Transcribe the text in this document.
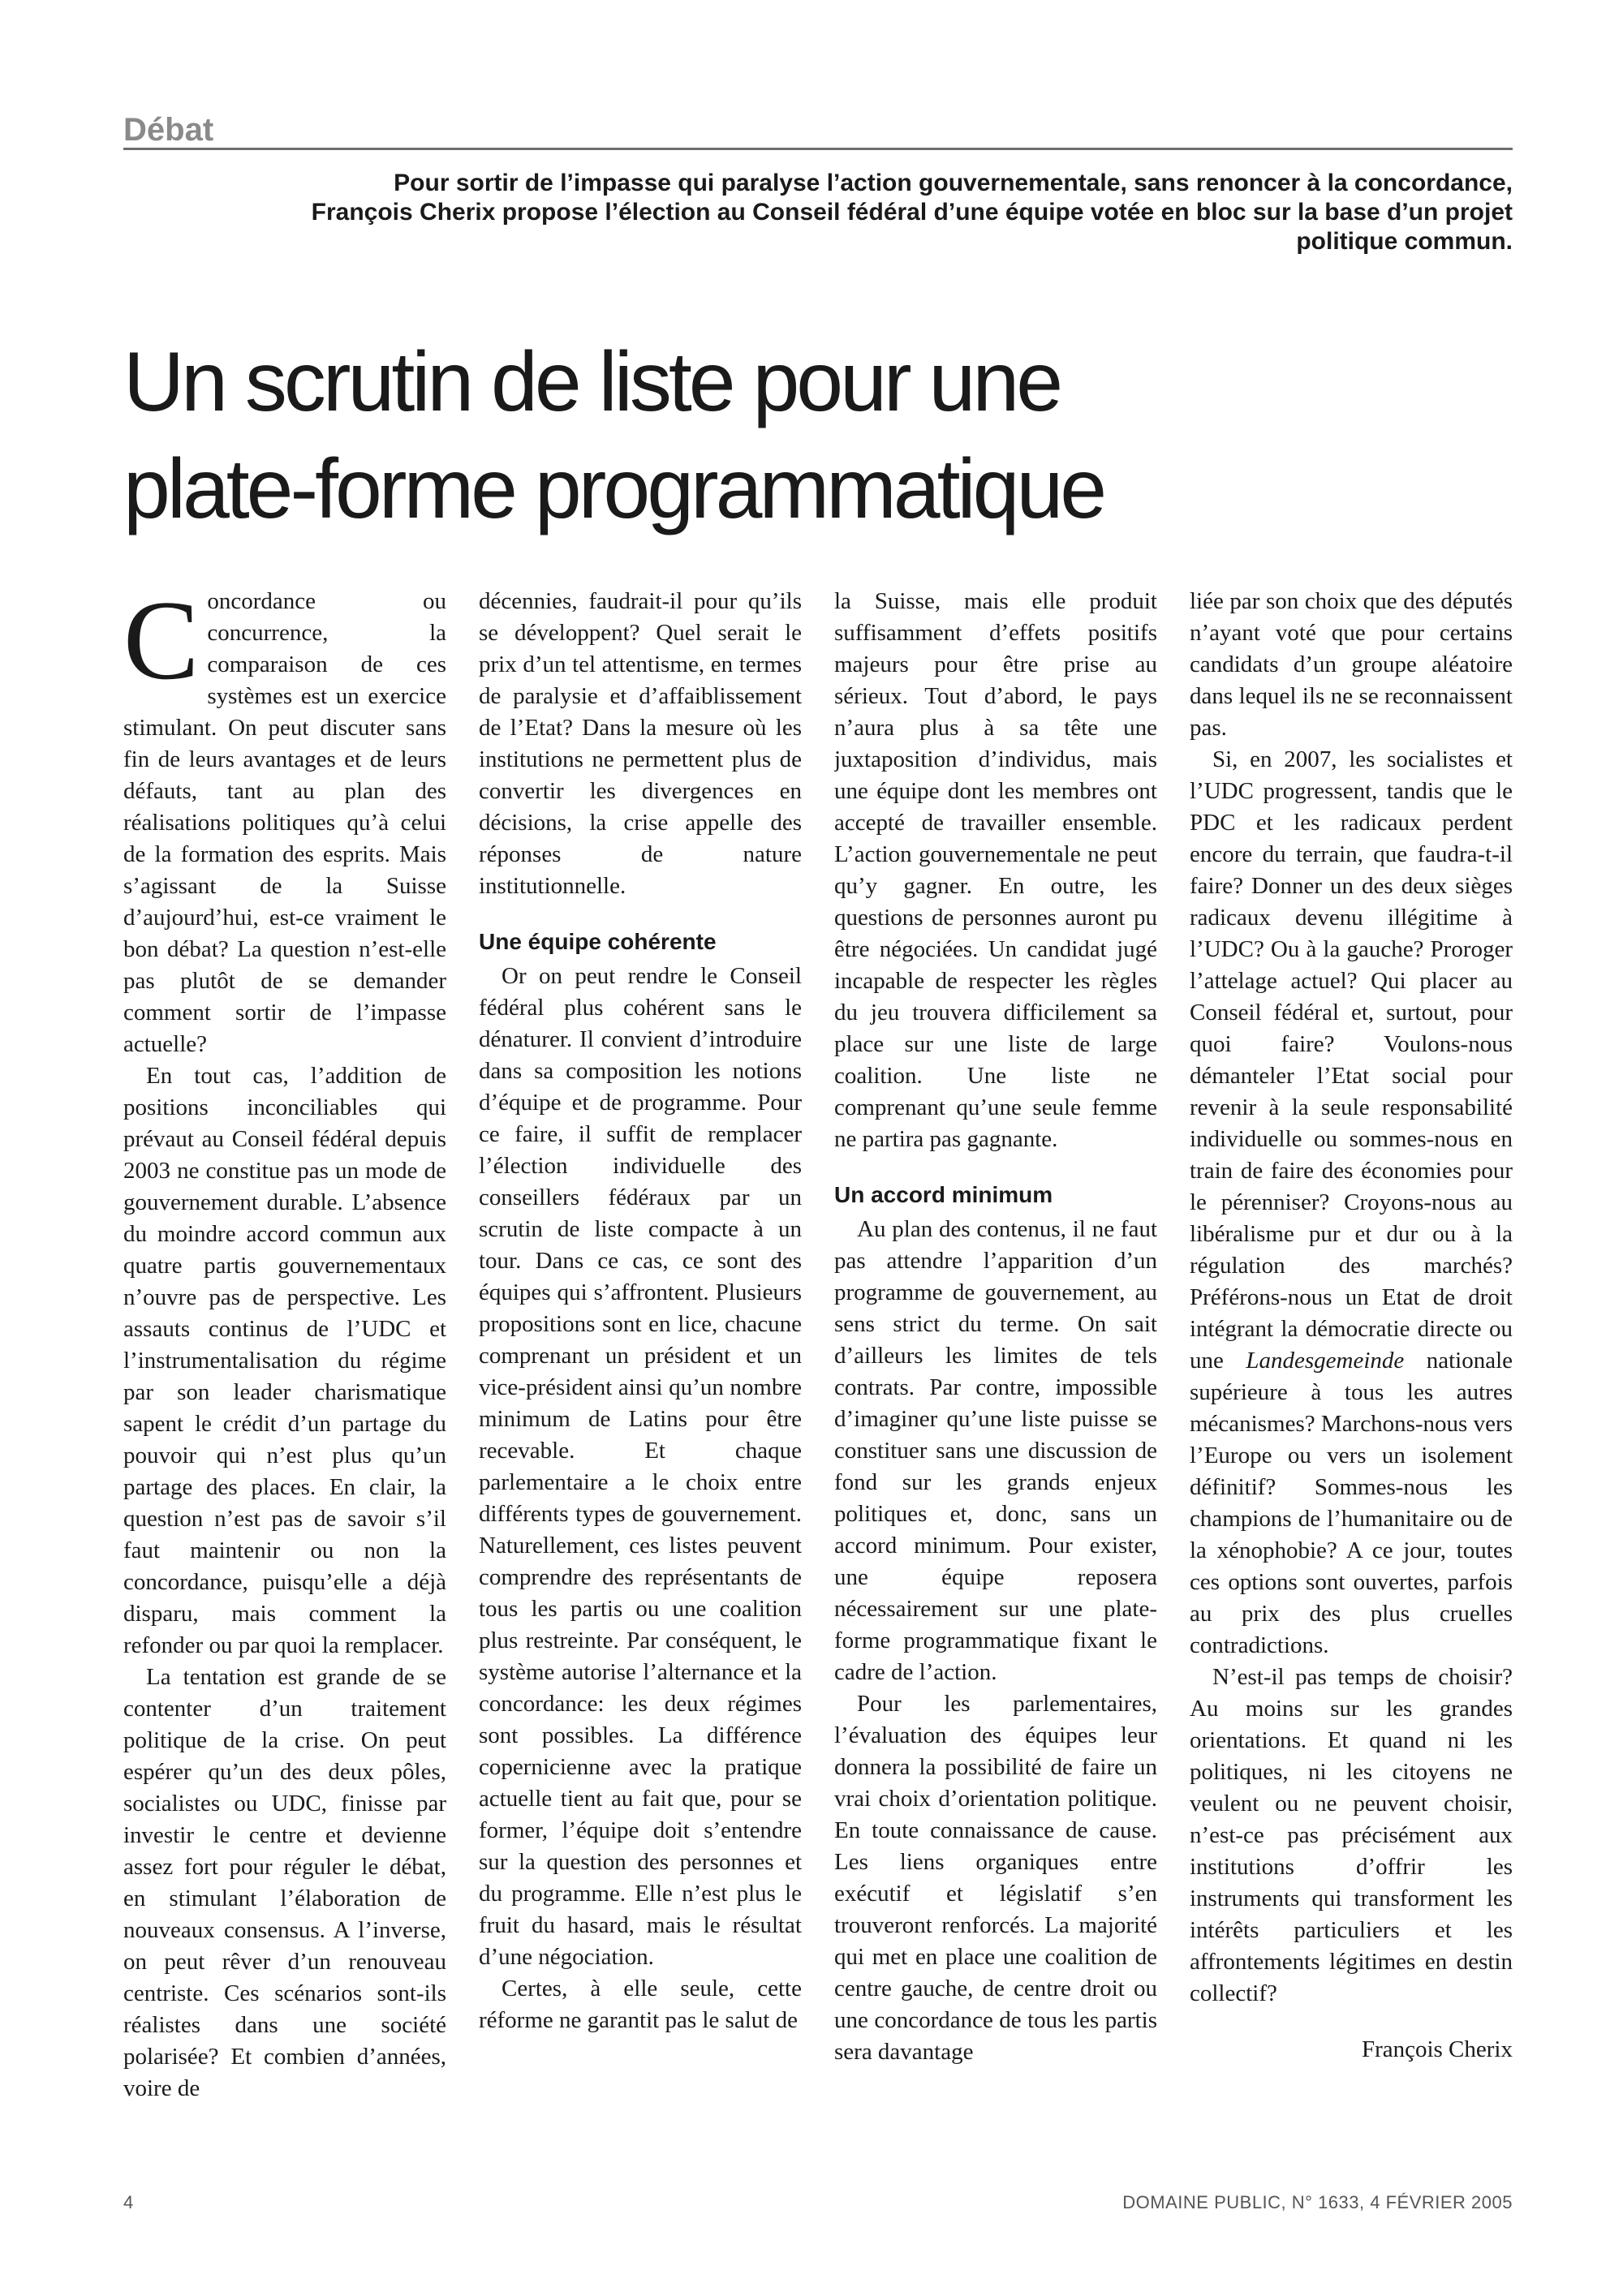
Débat
Pour sortir de l’impasse qui paralyse l’action gouvernementale, sans renoncer à la concordance, François Cherix propose l’élection au Conseil fédéral d’une équipe votée en bloc sur la base d’un projet politique commun.
Un scrutin de liste pour une
plate-forme programmatique

Concordance ou concurrence, la comparaison de ces systèmes est un exercice stimulant. On peut discuter sans fin de leurs avantages et de leurs défauts, tant au plan des réalisations politiques qu’à celui de la formation des esprits. Mais s’agissant de la Suisse d’aujourd’hui, est-ce vraiment le bon débat? La question n’est-elle pas plutôt de se demander comment sortir de l’impasse actuelle?

En tout cas, l’addition de positions inconciliables qui prévaut au Conseil fédéral depuis 2003 ne constitue pas un mode de gouvernement durable. L’absence du moindre accord commun aux quatre partis gouvernementaux n’ouvre pas de perspective. Les assauts continus de l’UDC et l’instrumentalisation du régime par son leader charismatique sapent le crédit d’un partage du pouvoir qui n’est plus qu’un partage des places. En clair, la question n’est pas de savoir s’il faut maintenir ou non la concordance, puisqu’elle a déjà disparu, mais comment la refonder ou par quoi la remplacer.

La tentation est grande de se contenter d’un traitement politique de la crise. On peut espérer qu’un des deux pôles, socialistes ou UDC, finisse par investir le centre et devienne assez fort pour réguler le débat, en stimulant l’élaboration de nouveaux consensus. A l’inverse, on peut rêver d’un renouveau centriste. Ces scénarios sont-ils réalistes dans une société polarisée? Et combien d’années, voire de

décennies, faudrait-il pour qu’ils se développent? Quel serait le prix d’un tel attentisme, en termes de paralysie et d’affaiblissement de l’Etat? Dans la mesure où les institutions ne permettent plus de convertir les divergences en décisions, la crise appelle des réponses de nature institutionnelle.

Une équipe cohérente

Or on peut rendre le Conseil fédéral plus cohérent sans le dénaturer. Il convient d’introduire dans sa composition les notions d’équipe et de programme. Pour ce faire, il suffit de remplacer l’élection individuelle des conseillers fédéraux par un scrutin de liste compacte à un tour. Dans ce cas, ce sont des équipes qui s’affrontent. Plusieurs propositions sont en lice, chacune comprenant un président et un vice-président ainsi qu’un nombre minimum de Latins pour être recevable. Et chaque parlementaire a le choix entre différents types de gouvernement. Naturellement, ces listes peuvent comprendre des représentants de tous les partis ou une coalition plus restreinte. Par conséquent, le système autorise l’alternance et la concordance: les deux régimes sont possibles. La différence copernicienne avec la pratique actuelle tient au fait que, pour se former, l’équipe doit s’entendre sur la question des personnes et du programme. Elle n’est plus le fruit du hasard, mais le résultat d’une négociation.

Certes, à elle seule, cette réforme ne garantit pas le salut de

la Suisse, mais elle produit suffisamment d’effets positifs majeurs pour être prise au sérieux. Tout d’abord, le pays n’aura plus à sa tête une juxtaposition d’individus, mais une équipe dont les membres ont accepté de travailler ensemble. L’action gouvernementale ne peut qu’y gagner. En outre, les questions de personnes auront pu être négociées. Un candidat jugé incapable de respecter les règles du jeu trouvera difficilement sa place sur une liste de large coalition. Une liste ne comprenant qu’une seule femme ne partira pas gagnante.

Un accord minimum

Au plan des contenus, il ne faut pas attendre l’apparition d’un programme de gouvernement, au sens strict du terme. On sait d’ailleurs les limites de tels contrats. Par contre, impossible d’imaginer qu’une liste puisse se constituer sans une discussion de fond sur les grands enjeux politiques et, donc, sans un accord minimum. Pour exister, une équipe reposera nécessairement sur une plate-forme programmatique fixant le cadre de l’action.

Pour les parlementaires, l’évaluation des équipes leur donnera la possibilité de faire un vrai choix d’orientation politique. En toute connaissance de cause. Les liens organiques entre exécutif et législatif s’en trouveront renforcés. La majorité qui met en place une coalition de centre gauche, de centre droit ou une concordance de tous les partis sera davantage

liée par son choix que des députés n’ayant voté que pour certains candidats d’un groupe aléatoire dans lequel ils ne se reconnaissent pas.

Si, en 2007, les socialistes et l’UDC progressent, tandis que le PDC et les radicaux perdent encore du terrain, que faudra-t-il faire? Donner un des deux sièges radicaux devenu illégitime à l’UDC? Ou à la gauche? Proroger l’attelage actuel? Qui placer au Conseil fédéral et, surtout, pour quoi faire? Voulons-nous démanteler l’Etat social pour revenir à la seule responsabilité individuelle ou sommes-nous en train de faire des économies pour le pérenniser? Croyons-nous au libéralisme pur et dur ou à la régulation des marchés? Préférons-nous un Etat de droit intégrant la démocratie directe ou une Landesgemeinde nationale supérieure à tous les autres mécanismes? Marchons-nous vers l’Europe ou vers un isolement définitif? Sommes-nous les champions de l’humanitaire ou de la xénophobie? A ce jour, toutes ces options sont ouvertes, parfois au prix des plus cruelles contradictions.

N’est-il pas temps de choisir? Au moins sur les grandes orientations. Et quand ni les politiques, ni les citoyens ne veulent ou ne peuvent choisir, n’est-ce pas précisément aux institutions d’offrir les instruments qui transforment les intérêts particuliers et les affrontements légitimes en destin collectif?

François Cherix
4	DOMAINE PUBLIC, N° 1633, 4 FÉVRIER 2005
